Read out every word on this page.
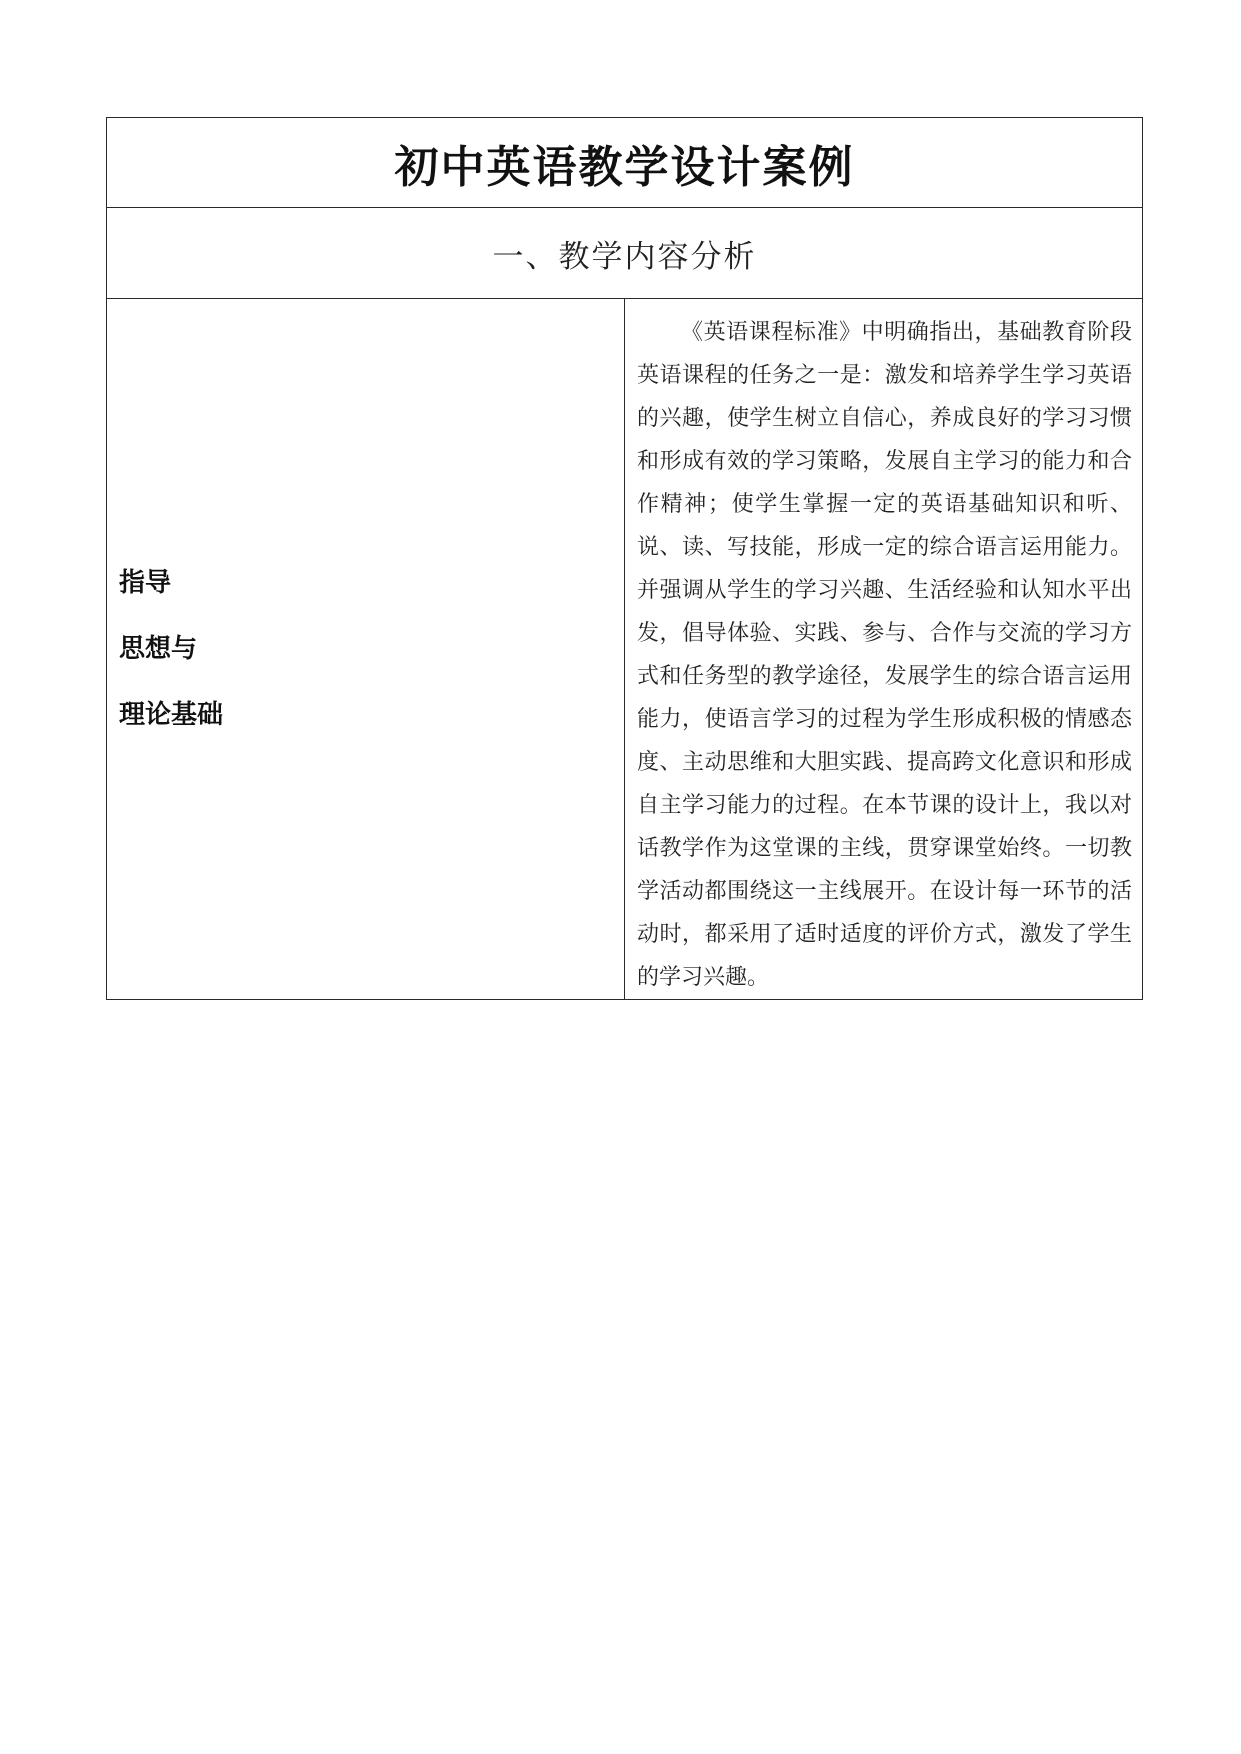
初中英语教学设计案例
一、教学内容分析

指导
思想与
理论基础

《英语课程标准》中明确指出，基础教育阶段英语课程的任务之一是：激发和培养学生学习英语的兴趣，使学生树立自信心，养成良好的学习习惯和形成有效的学习策略，发展自主学习的能力和合作精神；使学生掌握一定的英语基础知识和听、说、读、写技能，形成一定的综合语言运用能力。并强调从学生的学习兴趣、生活经验和认知水平出发，倡导体验、实践、参与、合作与交流的学习方式和任务型的教学途径，发展学生的综合语言运用能力，使语言学习的过程为学生形成积极的情感态度、主动思维和大胆实践、提高跨文化意识和形成自主学习能力的过程。在本节课的设计上，我以对话教学作为这堂课的主线，贯穿课堂始终。一切教学活动都围绕这一主线展开。在设计每一环节的活动时，都采用了适时适度的评价方式，激发了学生的学习兴趣。
